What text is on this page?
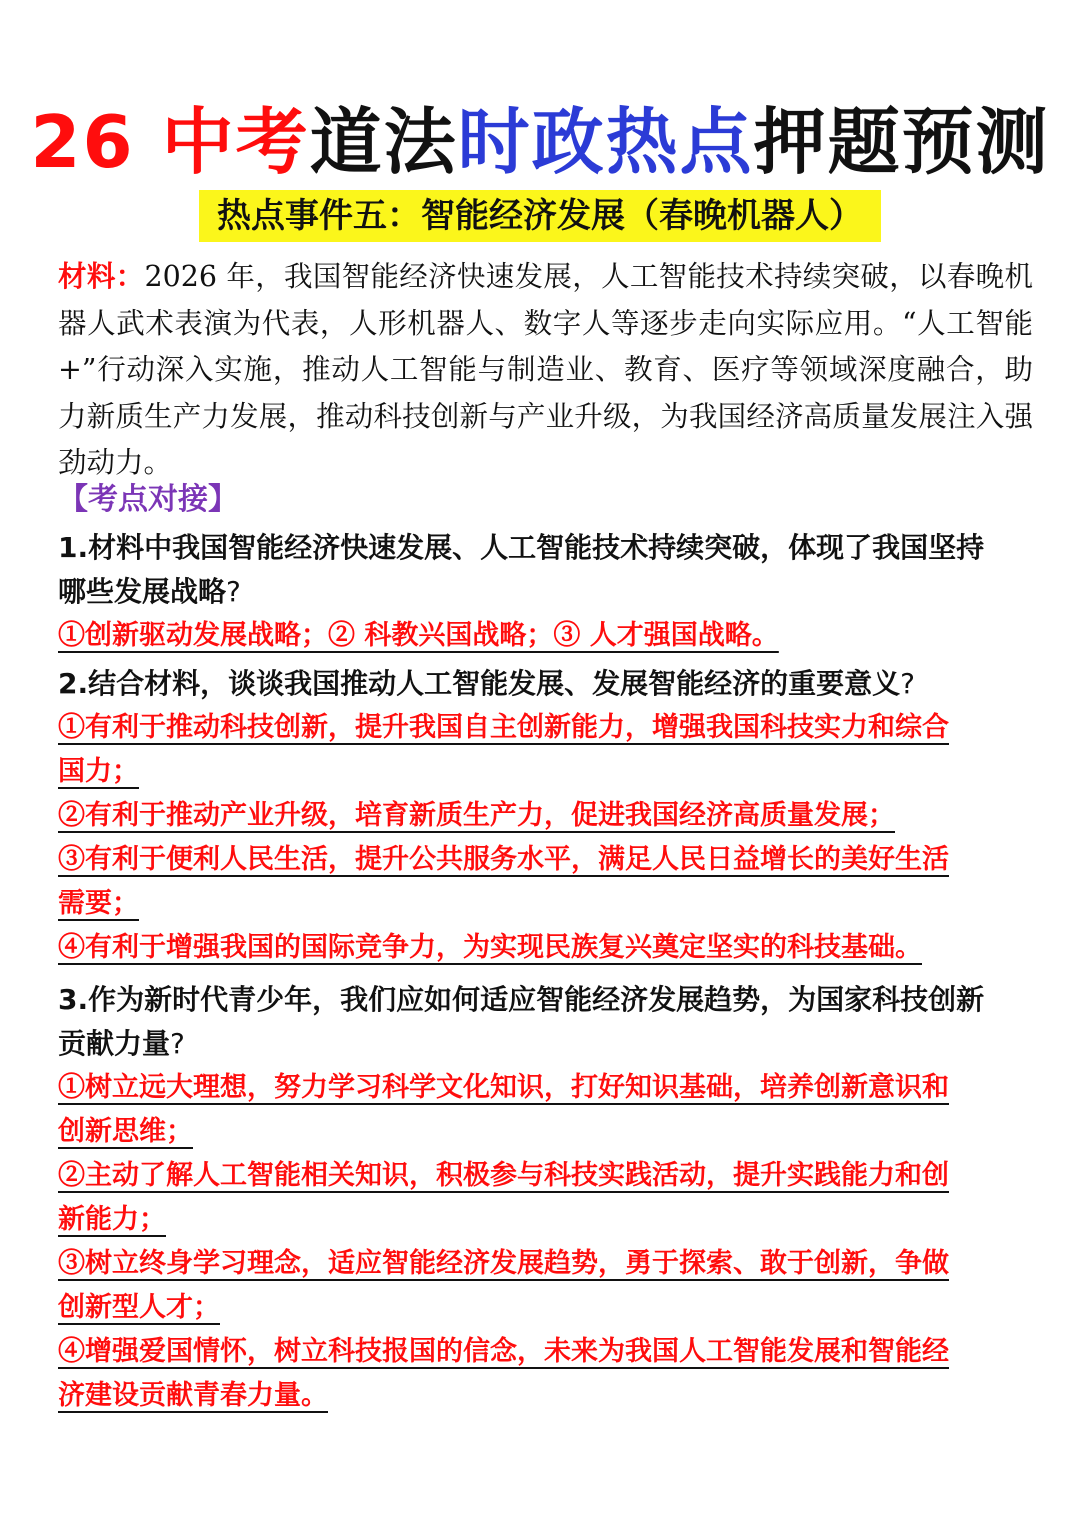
26 中考道法时政热点押题预测
热点事件五：智能经济发展（春晚机器人）
材料：2026 年，我国智能经济快速发展，人工智能技术持续突破，以春晚机器人武术表演为代表，人形机器人、数字人等逐步走向实际应用。“人工智能+”行动深入实施，推动人工智能与制造业、教育、医疗等领域深度融合，助力新质生产力发展，推动科技创新与产业升级，为我国经济高质量发展注入强劲动力。
【考点对接】
1.材料中我国智能经济快速发展、人工智能技术持续突破，体现了我国坚持
哪些发展战略?
①创新驱动发展战略；② 科教兴国战略；③ 人才强国战略。
2.结合材料，谈谈我国推动人工智能发展、发展智能经济的重要意义?
①有利于推动科技创新，提升我国自主创新能力，增强我国科技实力和综合
国力；
②有利于推动产业升级，培育新质生产力，促进我国经济高质量发展；
③有利于便利人民生活，提升公共服务水平，满足人民日益增长的美好生活
需要；
④有利于增强我国的国际竞争力，为实现民族复兴奠定坚实的科技基础。
3.作为新时代青少年，我们应如何适应智能经济发展趋势，为国家科技创新
贡献力量?
①树立远大理想，努力学习科学文化知识，打好知识基础，培养创新意识和
创新思维；
②主动了解人工智能相关知识，积极参与科技实践活动，提升实践能力和创
新能力；
③树立终身学习理念，适应智能经济发展趋势，勇于探索、敢于创新，争做
创新型人才；
④增强爱国情怀，树立科技报国的信念，未来为我国人工智能发展和智能经
济建设贡献青春力量。
